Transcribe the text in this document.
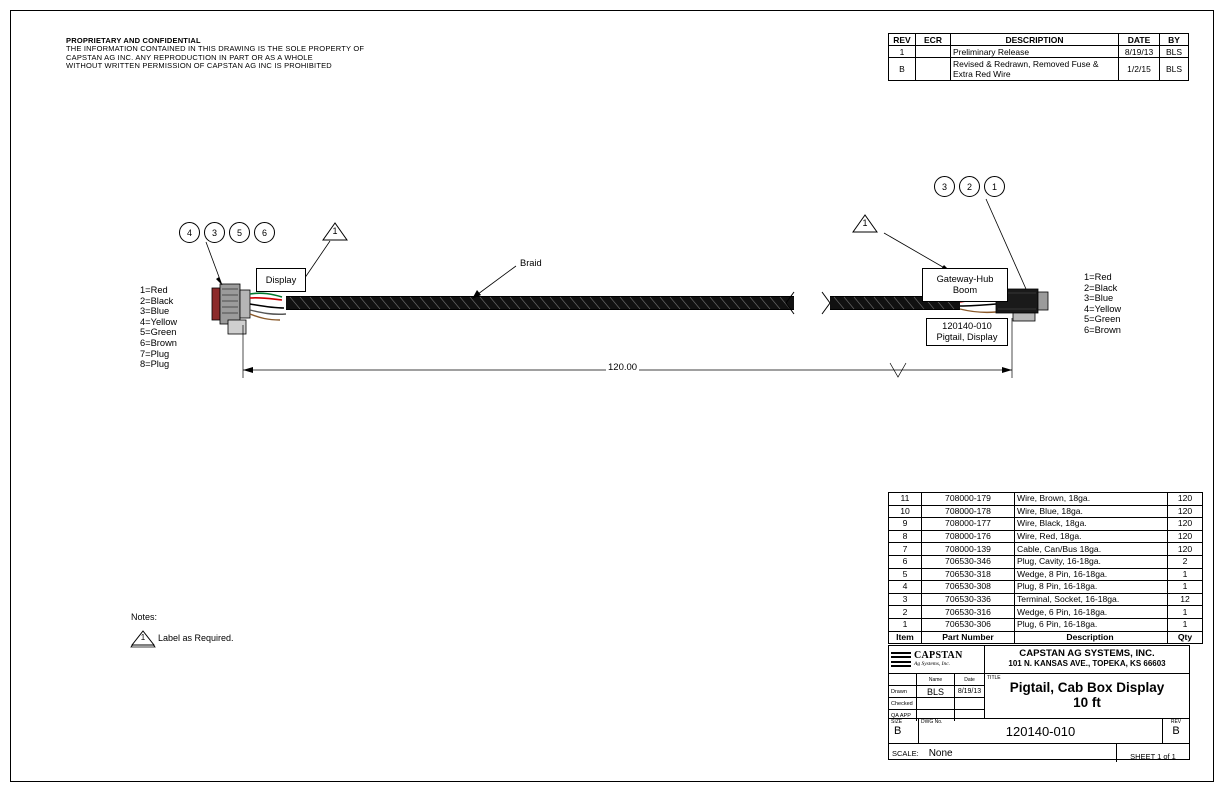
PROPRIETARY AND CONFIDENTIAL
THE INFORMATION CONTAINED IN THIS DRAWING IS THE SOLE PROPERTY OF
CAPSTAN AG INC. ANY REPRODUCTION IN PART OR AS A WHOLE
WITHOUT WRITTEN PERMISSION OF CAPSTAN AG INC IS PROHIBITED
REV	ECR	DESCRIPTION	DATE	BY
1		Preliminary Release	8/19/13	BLS
B		Revised & Redrawn, Removed Fuse & Extra Red Wire	1/2/15	BLS
1
1
4	3	5	6
3	2	1
Display
Braid
Gateway-Hub
Boom
120140-010
Pigtail, Display
120.00
1=Red
2=Black
3=Blue
4=Yellow
5=Green
6=Brown
7=Plug
8=Plug
1=Red
2=Black
3=Blue
4=Yellow
5=Green
6=Brown
Notes:
1	Label as Required.
11	708000-179	Wire, Brown, 18ga.	120
10	708000-178	Wire, Blue, 18ga.	120
9	708000-177	Wire, Black, 18ga.	120
8	708000-176	Wire, Red, 18ga.	120
7	708000-139	Cable, Can/Bus 18ga.	120
6	706530-346	Plug, Cavity, 16-18ga.	2
5	706530-318	Wedge, 8 Pin, 16-18ga.	1
4	706530-308	Plug, 8 Pin, 16-18ga.	1
3	706530-336	Terminal, Socket, 16-18ga.	12
2	706530-316	Wedge, 6 Pin, 16-18ga.	1
1	706530-306	Plug, 6 Pin, 16-18ga.	1
Item	Part Number	Description	Qty
CAPSTAN
Ag Systems, Inc.
CAPSTAN AG SYSTEMS, INC.
101 N. KANSAS AVE., TOPEKA, KS 66603
Name	Date
Drawn	BLS	8/19/13
Checked
QA APP
TITLE
Pigtail, Cab Box Display
10 ft
SIZE
B
DWG No.
120140-010
REV
B
SCALE:	None	SHEET 1 of 1
